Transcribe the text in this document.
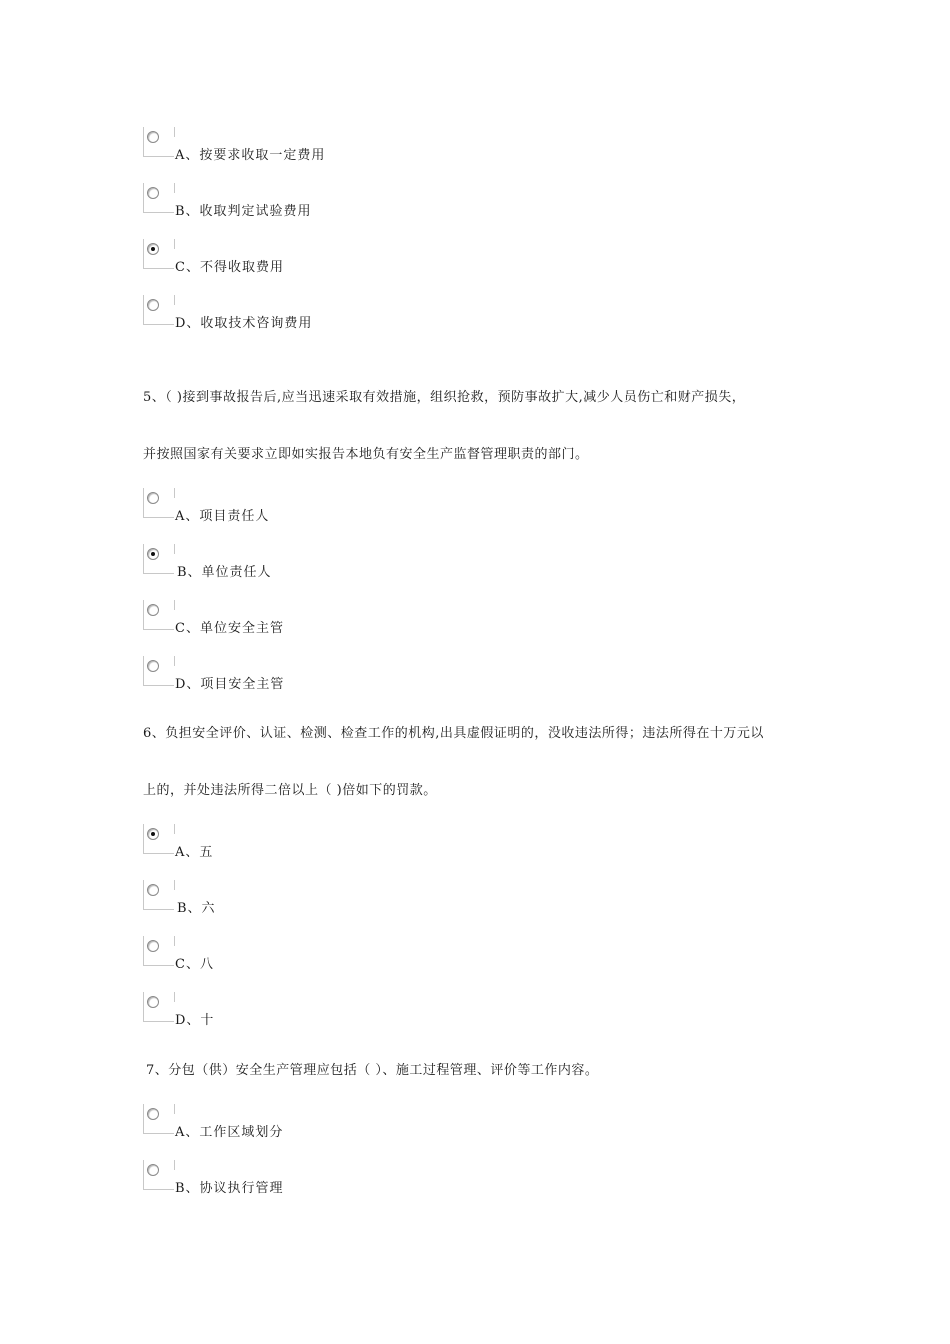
A、按要求收取一定费用
B、收取判定试验费用
C、不得收取费用
D、收取技术咨询费用
5、（ )接到事故报告后,应当迅速采取有效措施，组织抢救，预防事故扩大,减少人员伤亡和财产损失，
并按照国家有关要求立即如实报告本地负有安全生产监督管理职责的部门。
A、项目责任人
B、单位责任人
C、单位安全主管
D、项目安全主管
6、负担安全评价、认证、检测、检查工作的机构,出具虚假证明的，没收违法所得；违法所得在十万元以
上的，并处违法所得二倍以上（ )倍如下的罚款。
A、五
B、六
C、八
D、十
7、分包（供）安全生产管理应包括（ ）、施工过程管理、评价等工作内容。
A、工作区域划分
B、协议执行管理
